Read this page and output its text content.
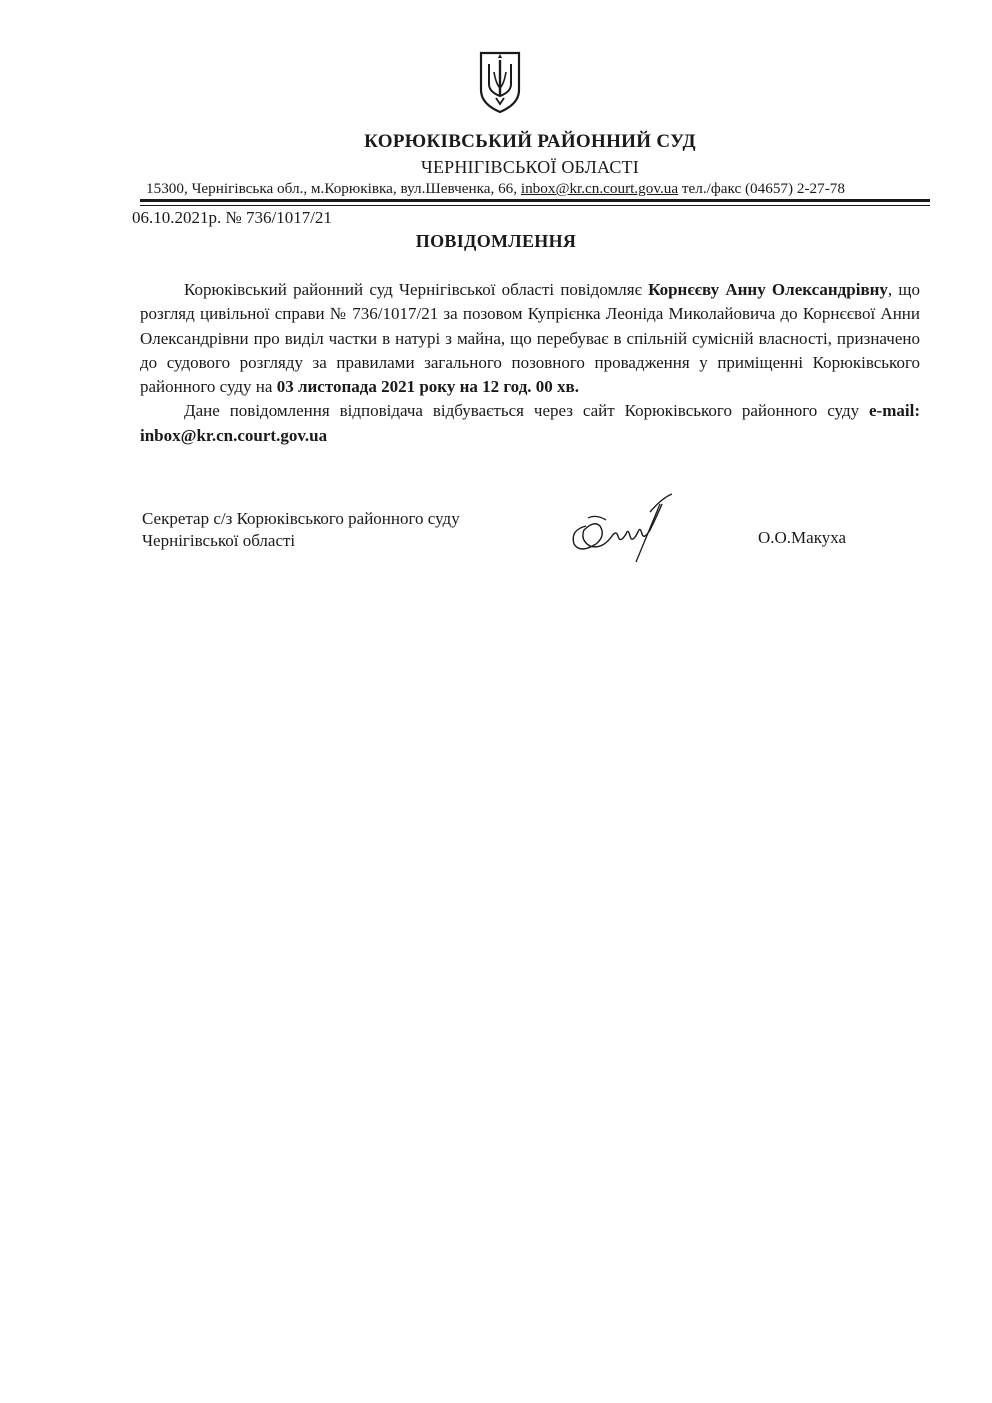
КОРЮКІВСЬКИЙ РАЙОННИЙ СУД
ЧЕРНІГІВСЬКОЇ ОБЛАСТІ
15300, Чернігівська обл., м.Корюківка, вул.Шевченка, 66, inbox@kr.cn.court.gov.ua тел./факс (04657) 2-27-78
06.10.2021р. № 736/1017/21
ПОВІДОМЛЕННЯ

Корюківський районний суд Чернігівської області повідомляє Корнєєву Анну Олександрівну, що розгляд цивільної справи № 736/1017/21 за позовом Купрієнка Леоніда Миколайовича до Корнєєвої Анни Олександрівни про виділ частки в натурі з майна, що перебуває в спільній сумісній власності, призначено до судового розгляду за правилами загального позовного провадження у приміщенні Корюківського районного суду на 03 листопада 2021 року на 12 год. 00 хв.

Дане повідомлення відповідача відбувається через сайт Корюківського районного суду e-mail: inbox@kr.cn.court.gov.ua

Секретар с/з Корюківського районного суду
Чернігівської області	О.О.Макуха
